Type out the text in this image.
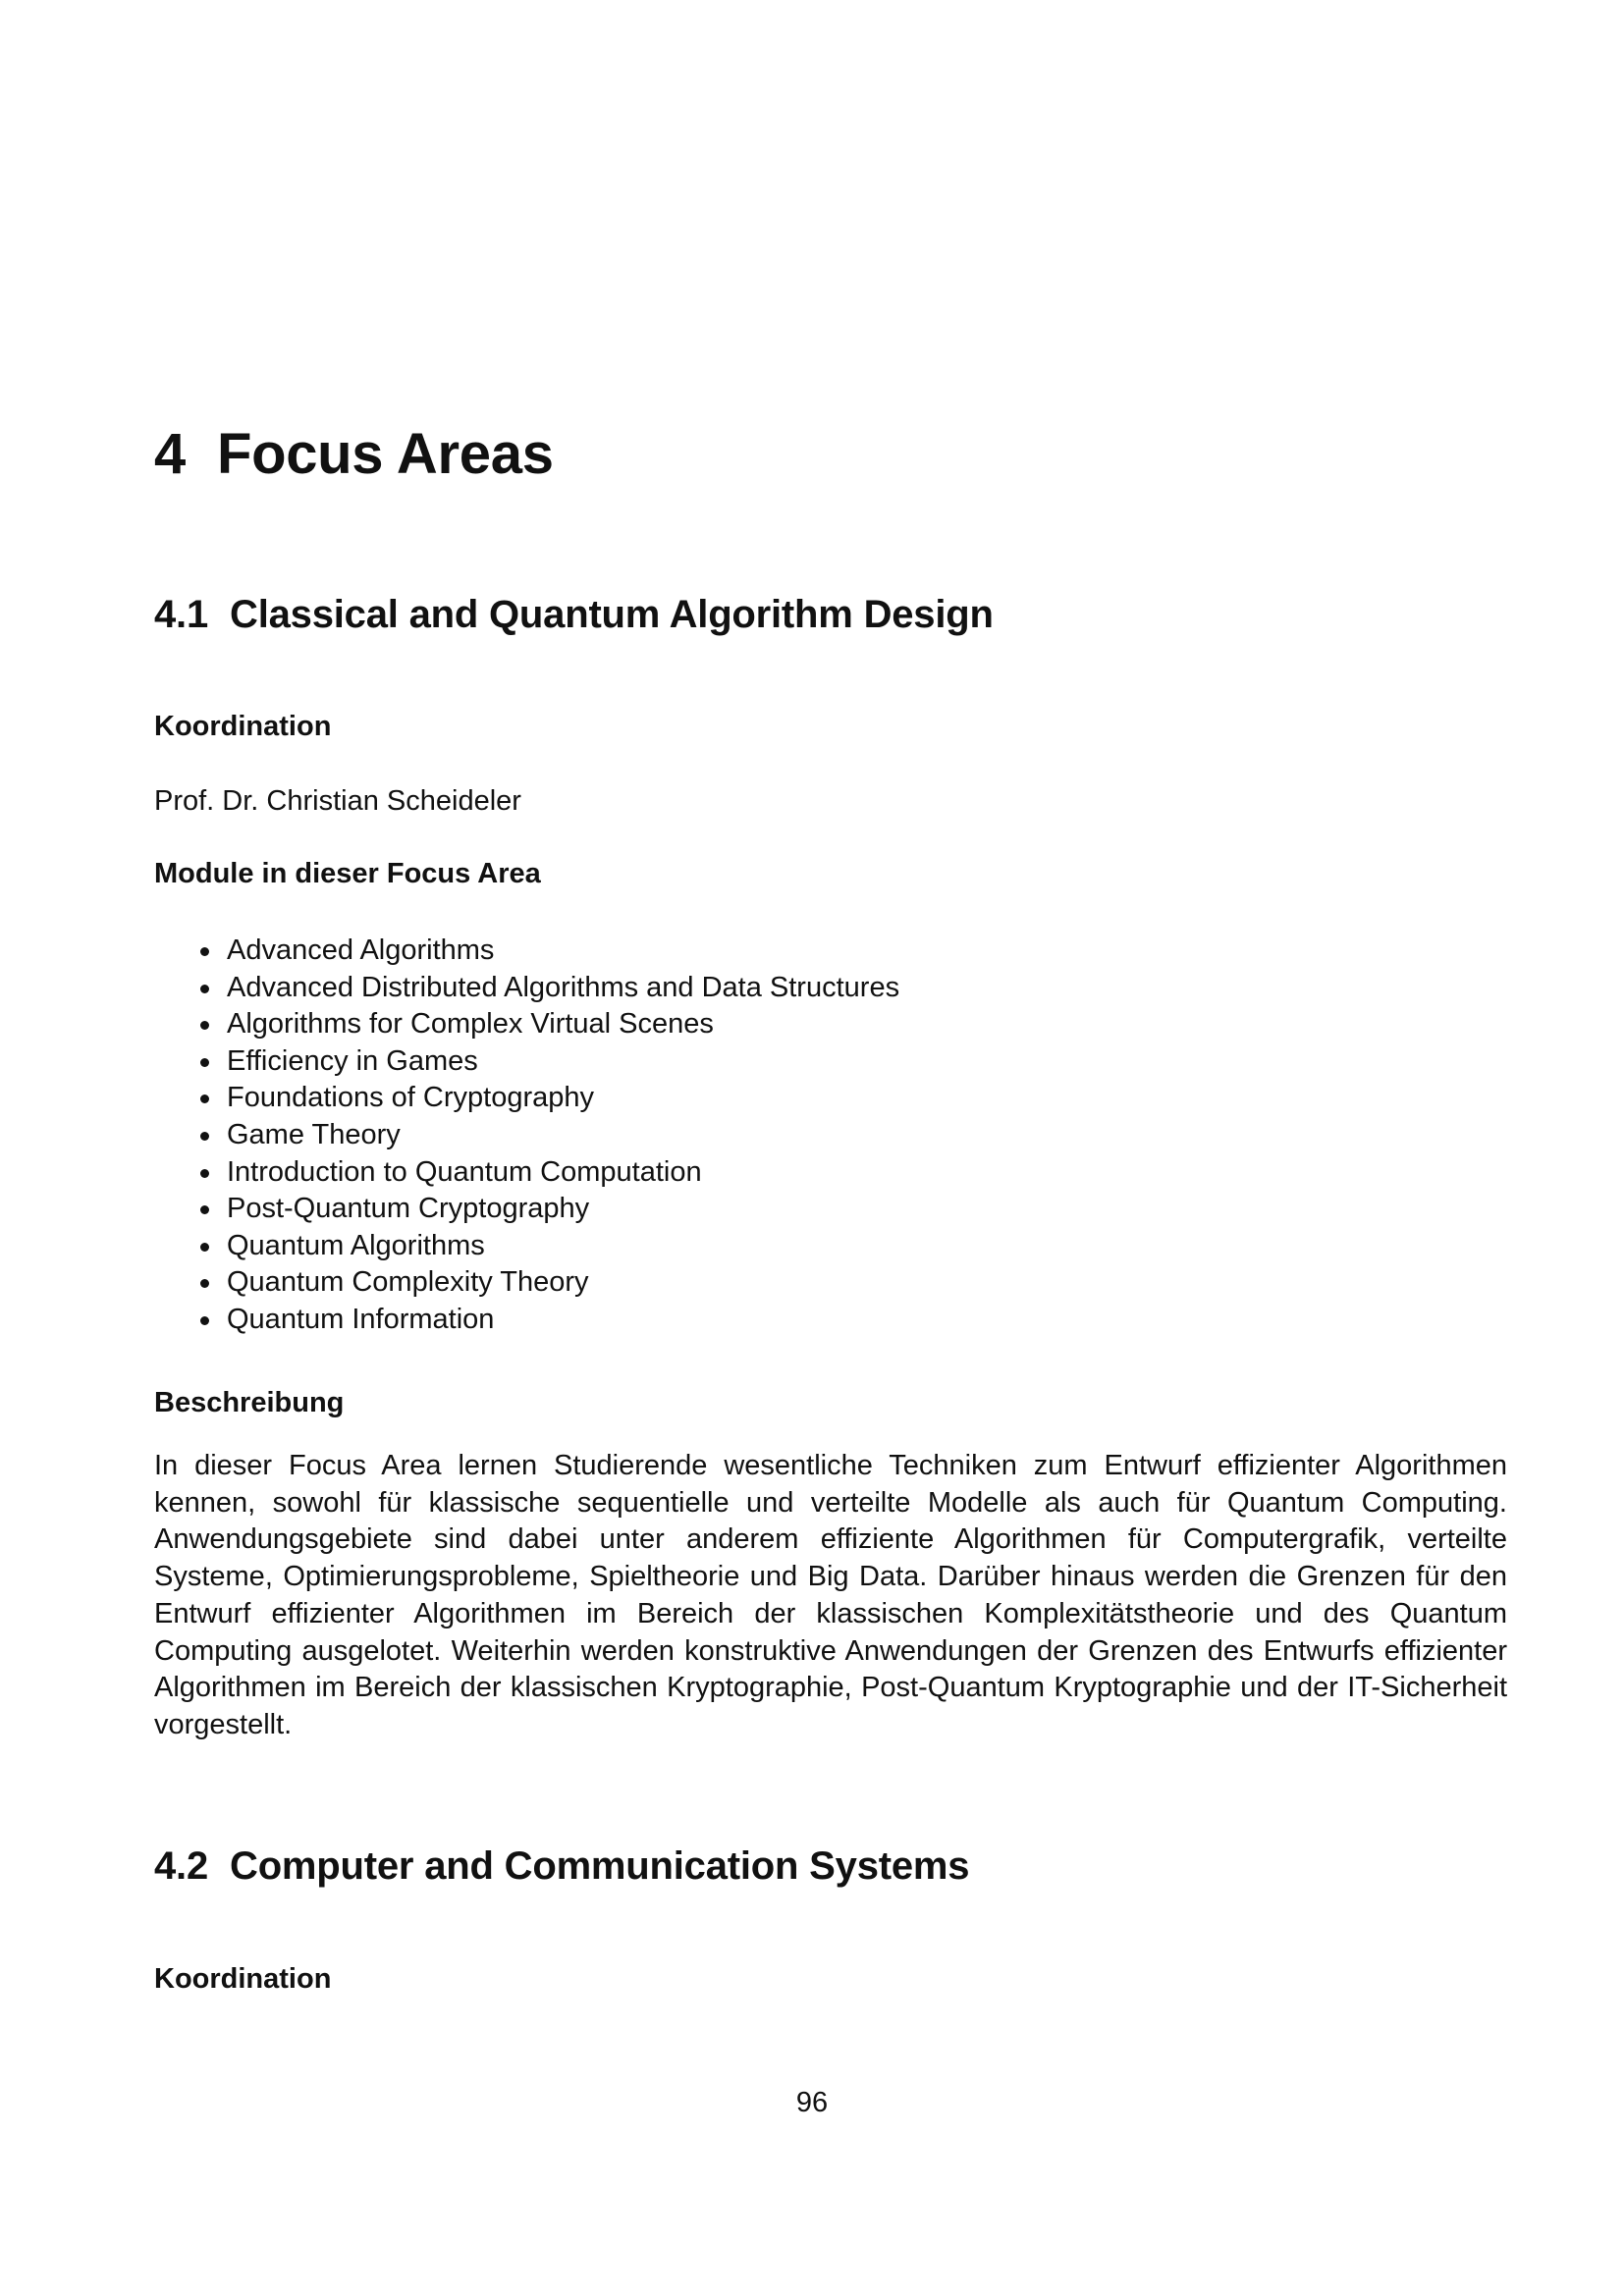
4 Focus Areas
4.1 Classical and Quantum Algorithm Design
Koordination
Prof. Dr. Christian Scheideler
Module in dieser Focus Area
Advanced Algorithms
Advanced Distributed Algorithms and Data Structures
Algorithms for Complex Virtual Scenes
Efficiency in Games
Foundations of Cryptography
Game Theory
Introduction to Quantum Computation
Post-Quantum Cryptography
Quantum Algorithms
Quantum Complexity Theory
Quantum Information
Beschreibung

In dieser Focus Area lernen Studierende wesentliche Techniken zum Entwurf effizienter Algorithmen kennen, sowohl für klassische sequentielle und verteilte Modelle als auch für Quantum Computing. Anwendungsgebiete sind dabei unter anderem effiziente Algorithmen für Computergrafik, verteilte Systeme, Optimierungsprobleme, Spieltheorie und Big Data. Darüber hinaus werden die Grenzen für den Entwurf effizienter Algorithmen im Bereich der klassischen Komplexitätstheorie und des Quantum Computing ausgelotet. Weiterhin werden konstruktive Anwendungen der Grenzen des Entwurfs effizienter Algorithmen im Bereich der klassischen Kryptographie, Post-Quantum Kryptographie und der IT-Sicherheit vorgestellt.

4.2 Computer and Communication Systems
Koordination
96
